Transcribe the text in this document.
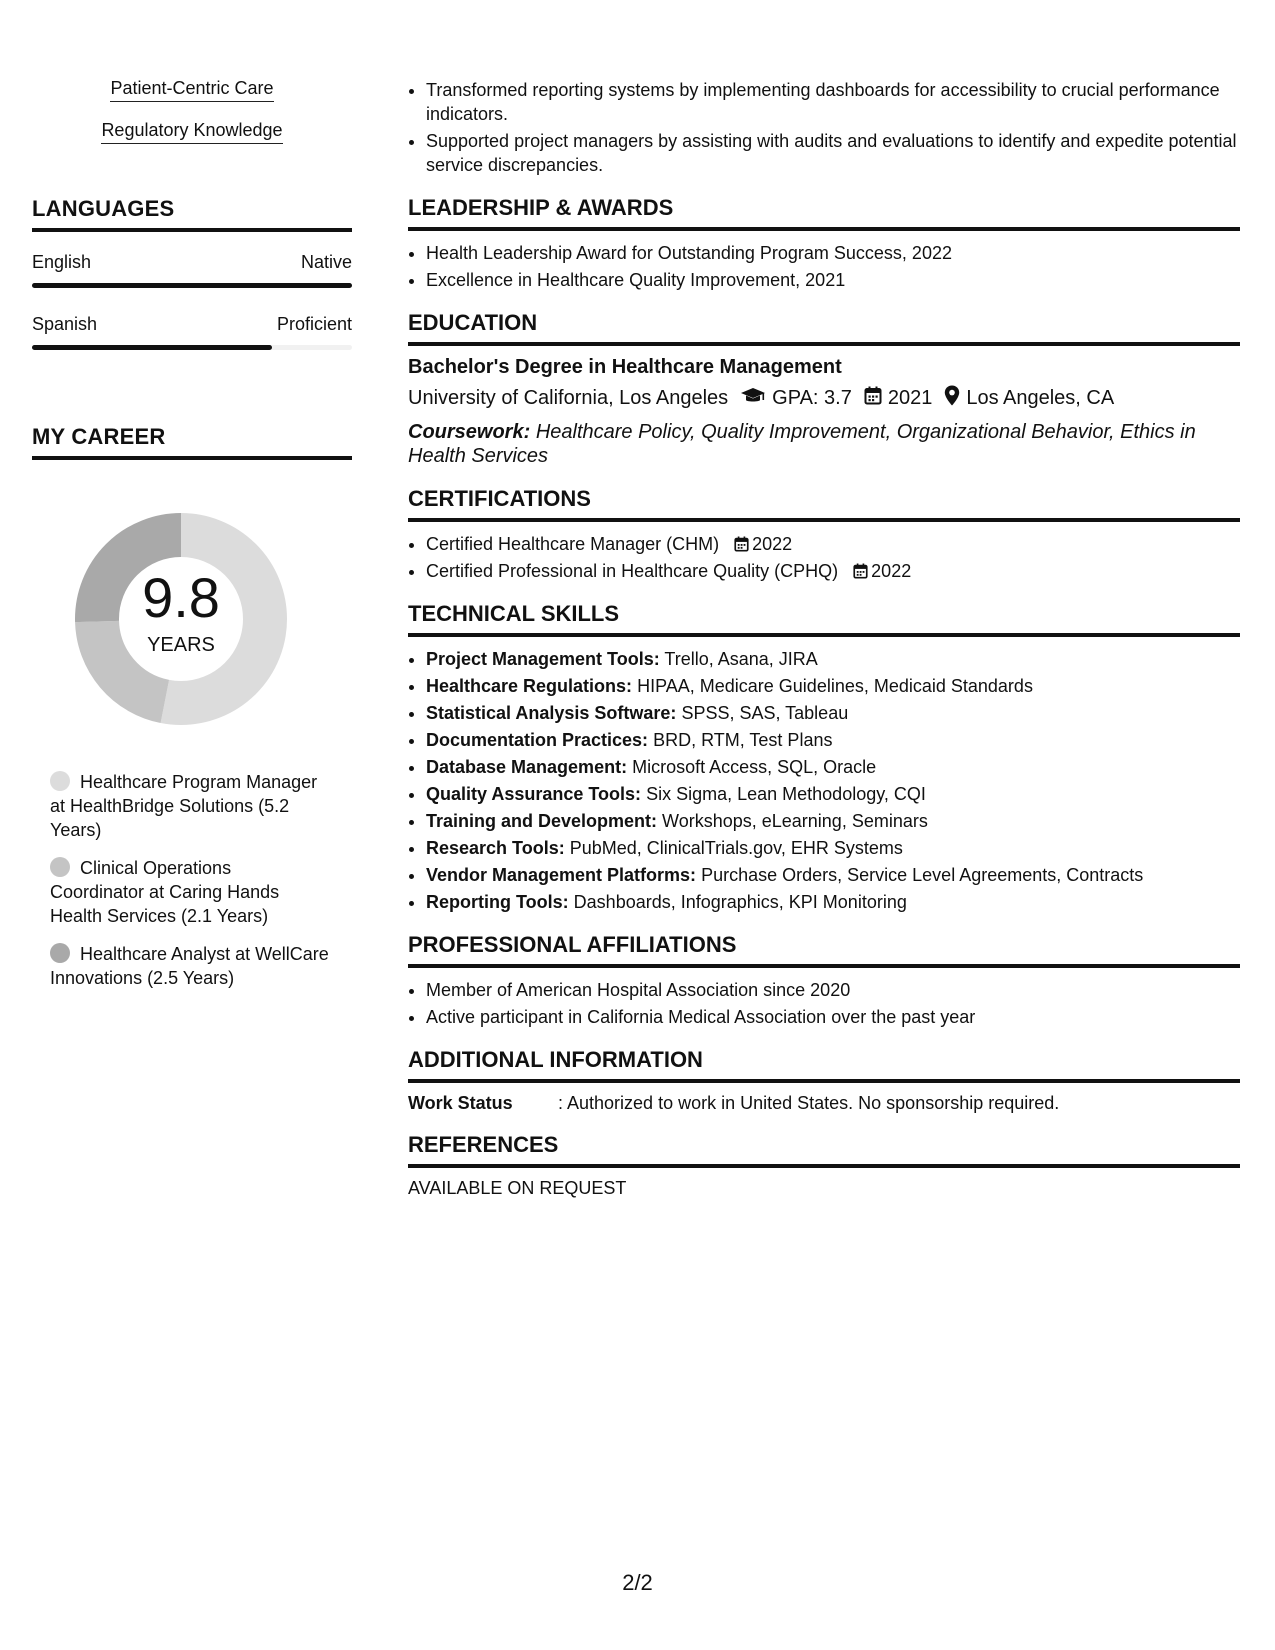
Patient-Centric Care
Regulatory Knowledge
LANGUAGES
English	Native
Spanish	Proficient
MY CAREER
9.8
YEARS
Healthcare Program Manager at HealthBridge Solutions (5.2 Years)
Clinical Operations Coordinator at Caring Hands Health Services (2.1 Years)
Healthcare Analyst at WellCare Innovations (2.5 Years)
• Transformed reporting systems by implementing dashboards for accessibility to crucial performance indicators.
• Supported project managers by assisting with audits and evaluations to identify and expedite potential service discrepancies.
LEADERSHIP & AWARDS
• Health Leadership Award for Outstanding Program Success, 2022
• Excellence in Healthcare Quality Improvement, 2021
EDUCATION
Bachelor's Degree in Healthcare Management
University of California, Los Angeles GPA: 3.7 2021 Los Angeles, CA
Coursework: Healthcare Policy, Quality Improvement, Organizational Behavior, Ethics in Health Services
CERTIFICATIONS
• Certified Healthcare Manager (CHM) 2022
• Certified Professional in Healthcare Quality (CPHQ) 2022
TECHNICAL SKILLS
• Project Management Tools: Trello, Asana, JIRA
• Healthcare Regulations: HIPAA, Medicare Guidelines, Medicaid Standards
• Statistical Analysis Software: SPSS, SAS, Tableau
• Documentation Practices: BRD, RTM, Test Plans
• Database Management: Microsoft Access, SQL, Oracle
• Quality Assurance Tools: Six Sigma, Lean Methodology, CQI
• Training and Development: Workshops, eLearning, Seminars
• Research Tools: PubMed, ClinicalTrials.gov, EHR Systems
• Vendor Management Platforms: Purchase Orders, Service Level Agreements, Contracts
• Reporting Tools: Dashboards, Infographics, KPI Monitoring
PROFESSIONAL AFFILIATIONS
• Member of American Hospital Association since 2020
• Active participant in California Medical Association over the past year
ADDITIONAL INFORMATION
Work Status	: Authorized to work in United States. No sponsorship required.
REFERENCES
AVAILABLE ON REQUEST
2/2
